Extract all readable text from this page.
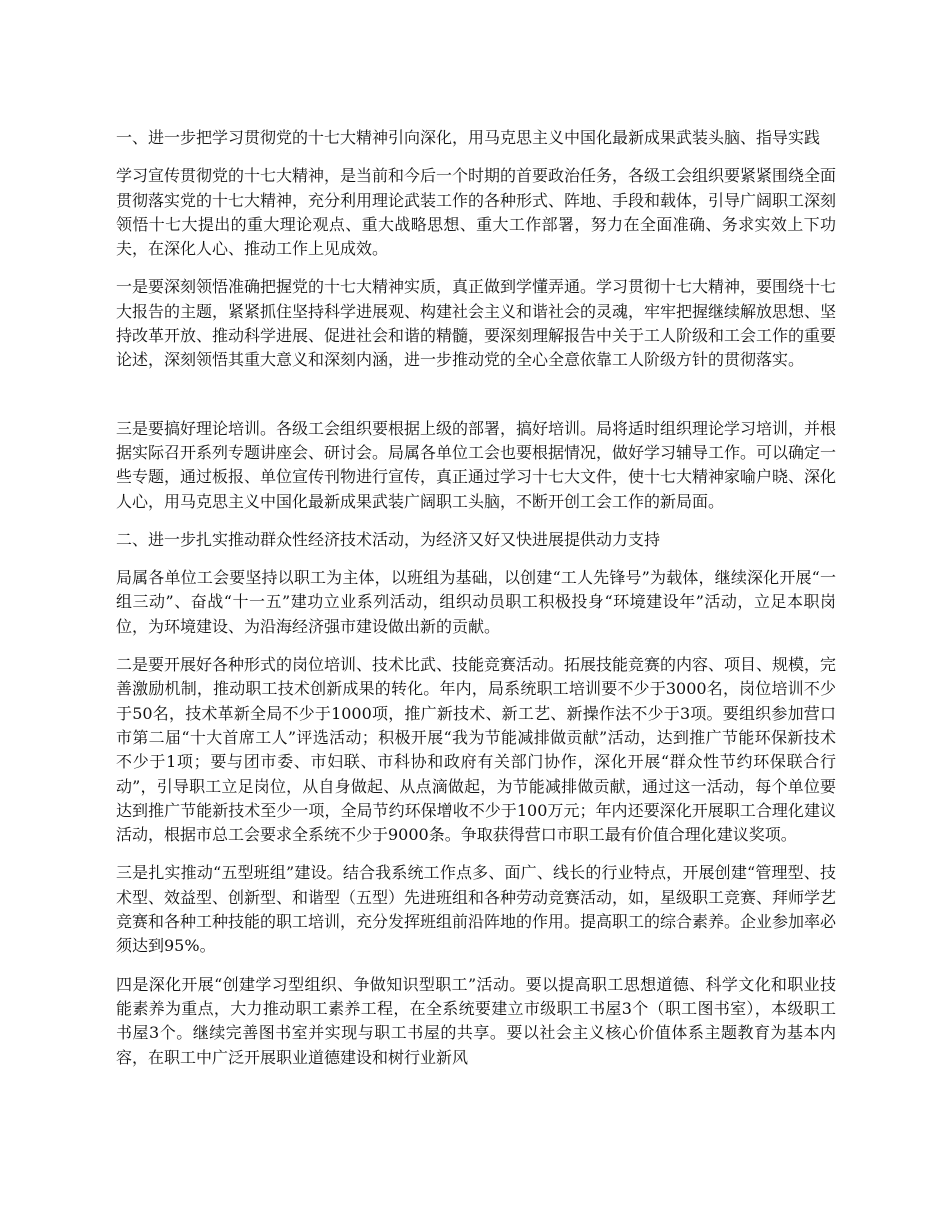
一、进一步把学习贯彻党的十七大精神引向深化，用马克思主义中国化最新成果武装头脑、指导实践

学习宣传贯彻党的十七大精神，是当前和今后一个时期的首要政治任务，各级工会组织要紧紧围绕全面贯彻落实党的十七大精神，充分利用理论武装工作的各种形式、阵地、手段和载体，引导广阔职工深刻领悟十七大提出的重大理论观点、重大战略思想、重大工作部署，努力在全面准确、务求实效上下功夫，在深化人心、推动工作上见成效。

一是要深刻领悟准确把握党的十七大精神实质，真正做到学懂弄通。学习贯彻十七大精神，要围绕十七大报告的主题，紧紧抓住坚持科学进展观、构建社会主义和谐社会的灵魂，牢牢把握继续解放思想、坚持改革开放、推动科学进展、促进社会和谐的精髓，要深刻理解报告中关于工人阶级和工会工作的重要论述，深刻领悟其重大意义和深刻内涵，进一步推动党的全心全意依靠工人阶级方针的贯彻落实。

三是要搞好理论培训。各级工会组织要根据上级的部署，搞好培训。局将适时组织理论学习培训，并根据实际召开系列专题讲座会、研讨会。局属各单位工会也要根据情况，做好学习辅导工作。可以确定一些专题，通过板报、单位宣传刊物进行宣传，真正通过学习十七大文件，使十七大精神家喻户晓、深化人心，用马克思主义中国化最新成果武装广阔职工头脑，不断开创工会工作的新局面。

二、进一步扎实推动群众性经济技术活动，为经济又好又快进展提供动力支持

局属各单位工会要坚持以职工为主体，以班组为基础，以创建“工人先锋号”为载体，继续深化开展“一组三动”、奋战“十一五”建功立业系列活动，组织动员职工积极投身“环境建设年”活动，立足本职岗位，为环境建设、为沿海经济强市建设做出新的贡献。

二是要开展好各种形式的岗位培训、技术比武、技能竞赛活动。拓展技能竞赛的内容、项目、规模，完善激励机制，推动职工技术创新成果的转化。年内，局系统职工培训要不少于3000名，岗位培训不少于50名，技术革新全局不少于1000项，推广新技术、新工艺、新操作法不少于3项。要组织参加营口市第二届“十大首席工人”评选活动；积极开展“我为节能减排做贡献”活动，达到推广节能环保新技术不少于1项；要与团市委、市妇联、市科协和政府有关部门协作，深化开展“群众性节约环保联合行动”，引导职工立足岗位，从自身做起、从点滴做起，为节能减排做贡献，通过这一活动，每个单位要达到推广节能新技术至少一项，全局节约环保增收不少于100万元；年内还要深化开展职工合理化建议活动，根据市总工会要求全系统不少于9000条。争取获得营口市职工最有价值合理化建议奖项。

三是扎实推动“五型班组”建设。结合我系统工作点多、面广、线长的行业特点，开展创建“管理型、技术型、效益型、创新型、和谐型（五型）先进班组和各种劳动竞赛活动，如，星级职工竞赛、拜师学艺竞赛和各种工种技能的职工培训，充分发挥班组前沿阵地的作用。提高职工的综合素养。企业参加率必须达到95%。

四是深化开展“创建学习型组织、争做知识型职工”活动。要以提高职工思想道德、科学文化和职业技能素养为重点，大力推动职工素养工程，在全系统要建立市级职工书屋3个（职工图书室），本级职工书屋3个。继续完善图书室并实现与职工书屋的共享。要以社会主义核心价值体系主题教育为基本内容，在职工中广泛开展职业道德建设和树行业新风
